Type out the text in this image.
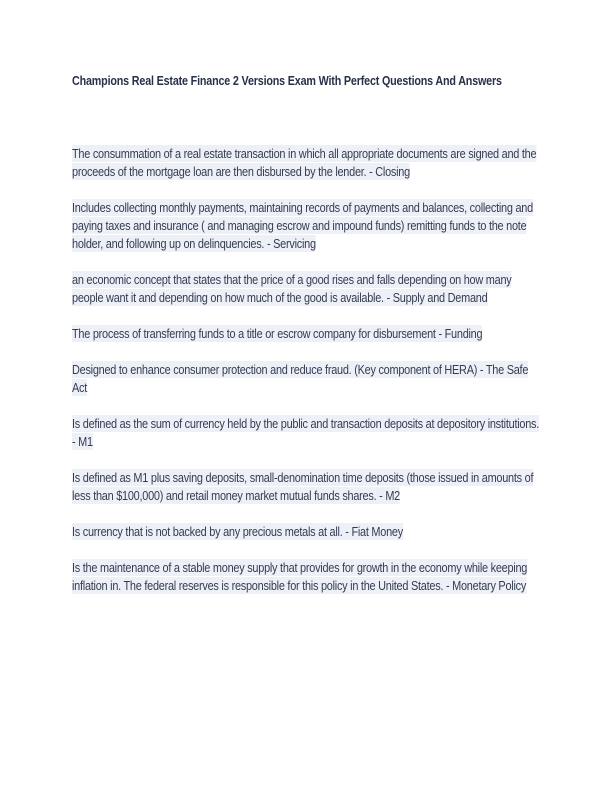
Champions Real Estate Finance 2 Versions Exam With Perfect Questions And Answers
The consummation of a real estate transaction in which all appropriate documents are signed and the proceeds of the mortgage loan are then disbursed by the lender. - Closing
Includes collecting monthly payments, maintaining records of payments and balances, collecting and paying taxes and insurance ( and managing escrow and impound funds) remitting funds to the note holder, and following up on delinquencies. - Servicing
an economic concept that states that the price of a good rises and falls depending on how many people want it and depending on how much of the good is available. - Supply and Demand
The process of transferring funds to a title or escrow company for disbursement - Funding
Designed to enhance consumer protection and reduce fraud. (Key component of HERA) - The Safe Act
Is defined as the sum of currency held by the public and transaction deposits at depository institutions. - M1
Is defined as M1 plus saving deposits, small-denomination time deposits (those issued in amounts of less than $100,000) and retail money market mutual funds shares. - M2
Is currency that is not backed by any precious metals at all. - Fiat Money
Is the maintenance of a stable money supply that provides for growth in the economy while keeping inflation in. The federal reserves is responsible for this policy in the United States. - Monetary Policy
